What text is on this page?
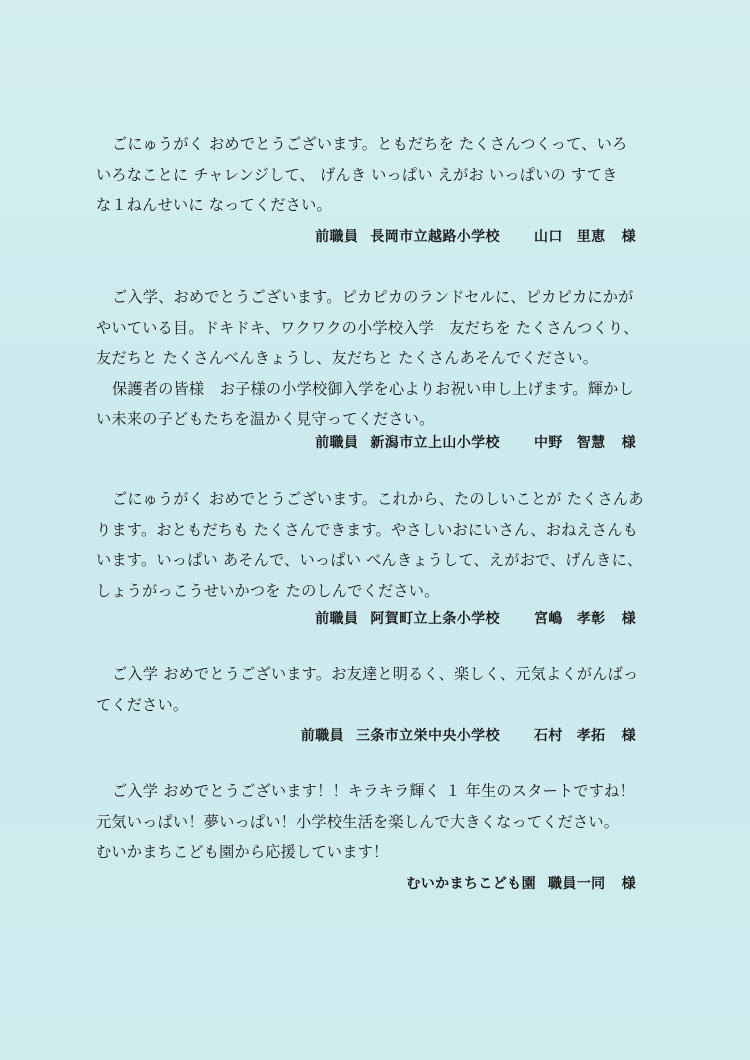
ごにゅうがく おめでとうございます。ともだちを たくさんつくって、いろ
いろなことに チャレンジして、 げんき いっぱい えがお いっぱいの すてき
な１ねんせいに なってください。
前職員 長岡市立越路小学校 山口 里恵 様
ご入学、おめでとうございます。ピカピカのランドセルに、ピカピカにかが
やいている目。ドキドキ、ワクワクの小学校入学　友だちを たくさんつくり、
友だちと たくさんべんきょうし、友だちと たくさんあそんでください。
保護者の皆様　お子様の小学校御入学を心よりお祝い申し上げます。輝かし
い未来の子どもたちを温かく見守ってください。
前職員 新潟市立上山小学校 中野 智慧 様
ごにゅうがく おめでとうございます。これから、たのしいことが たくさんあ
ります。おともだちも たくさんできます。やさしいおにいさん、おねえさんも
います。いっぱい あそんで、いっぱい べんきょうして、えがおで、げんきに、
しょうがっこうせいかつを たのしんでください。
前職員 阿賀町立上条小学校 宮嶋 孝彰 様
ご入学 おめでとうございます。お友達と明るく、楽しく、元気よくがんばっ
てください。
前職員 三条市立栄中央小学校 石村 孝拓 様
ご入学 おめでとうございます！！キラキラ輝く １ 年生のスタートですね！
元気いっぱい！夢いっぱい！小学校生活を楽しんで大きくなってください。
むいかまちこども園から応援しています！
むいかまちこども園 職員一同 様
